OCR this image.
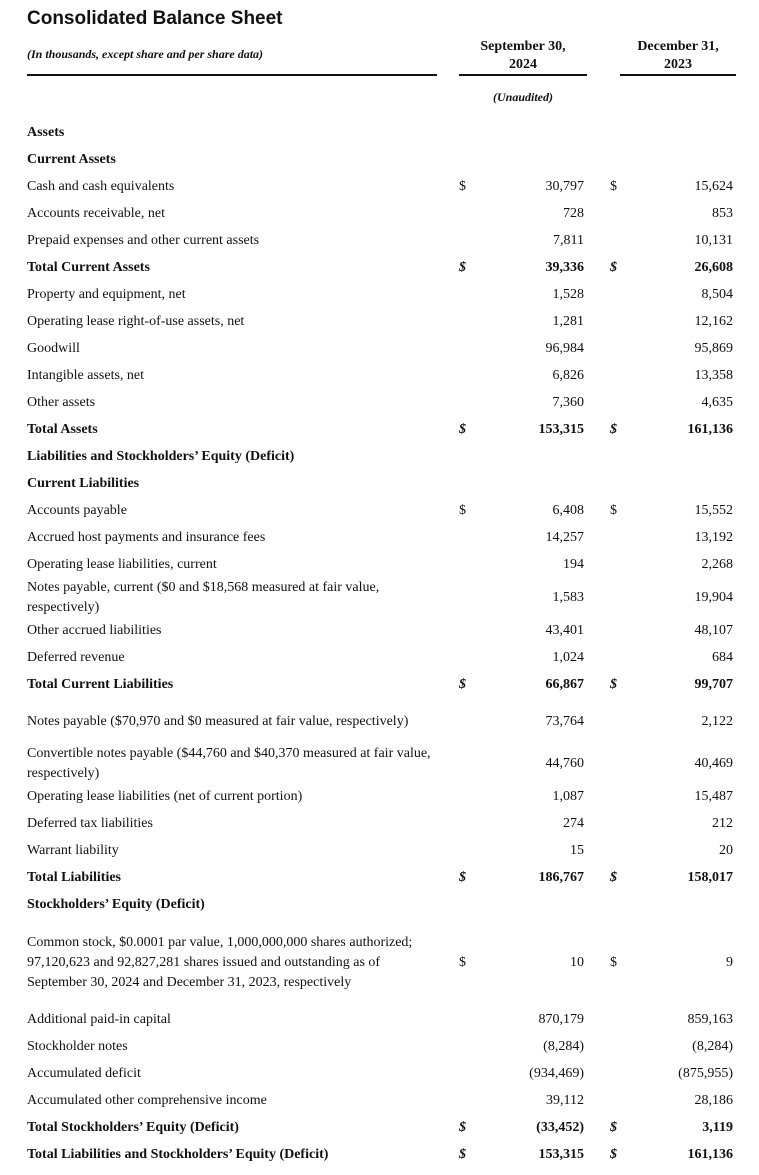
Consolidated Balance Sheet
(In thousands, except share and per share data)	September 30,
2024
December 31,
2023
(Unaudited)
Assets
Current Assets
Cash and cash equivalents	$	30,797 $	15,624
Accounts receivable, net	728	853
Prepaid expenses and other current assets	7,811	10,131
Total Current Assets	$	39,336 $	26,608
Property and equipment, net	1,528	8,504
Operating lease right-of-use assets, net	1,281	12,162
Goodwill	96,984	95,869
Intangible assets, net	6,826	13,358
Other assets	7,360	4,635
Total Assets	$	153,315 $	161,136
Liabilities and Stockholders’ Equity (Deficit)
Current Liabilities
Accounts payable	$	6,408 $	15,552
Accrued host payments and insurance fees	14,257	13,192
Operating lease liabilities, current	194	2,268
Notes payable, current ($0 and $18,568 measured at fair value, respectively)
1,583	19,904
Other accrued liabilities	43,401	48,107
Deferred revenue	1,024	684
Total Current Liabilities	$	66,867 $	99,707
Notes payable ($70,970 and $0 measured at fair value, respectively)	73,764	2,122
Convertible notes payable ($44,760 and $40,370 measured at fair value, respectively)
44,760	40,469
Operating lease liabilities (net of current portion)	1,087	15,487
Deferred tax liabilities	274	212
Warrant liability	15	20
Total Liabilities	$	186,767 $	158,017
Stockholders’ Equity (Deficit)
Common stock, $0.0001 par value, 1,000,000,000 shares authorized; 97,120,623 and 92,827,281 shares issued and outstanding as of September 30, 2024 and December 31, 2023, respectively
$	10 $	9
Additional paid-in capital	870,179	859,163
Stockholder notes	(8,284)	(8,284)
Accumulated deficit	(934,469)	(875,955)
Accumulated other comprehensive income	39,112	28,186
Total Stockholders’ Equity (Deficit)	$	(33,452) $	3,119
Total Liabilities and Stockholders’ Equity (Deficit)	$	153,315 $	161,136
